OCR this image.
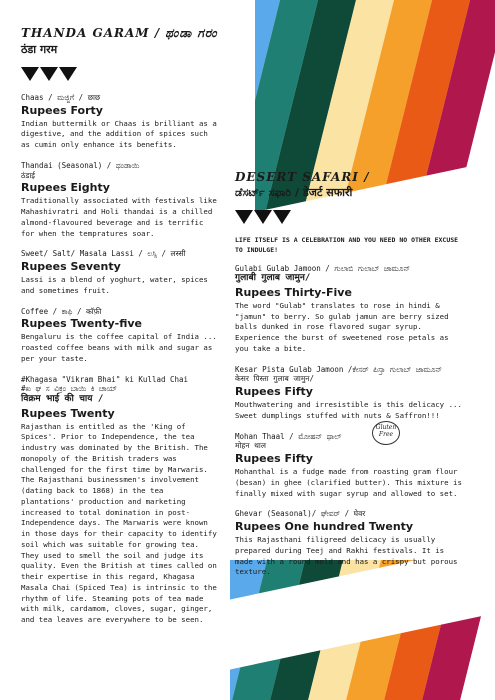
THANDA GARAM / ಥಂಡಾ ಗರಂ
ठंडा गरम

Chaas / ಮಜ್ಜಿಗೆ / छाछ

Rupees Forty

Indian buttermilk or Chaas is brilliant as a digestive, and the addition of spices such as cumin only enhance its benefits.

Thandai (Seasonal) / ಥಂಡಾಯಿ

ठंडाई

Rupees Eighty

Traditionally associated with festivals like Mahashivratri and Holi thandai is a chilled almond-flavoured beverage and is terrific for when the tempratures soar.

Sweet/ Salt/ Masala Lassi / ಲಸ್ಸಿ / लस्सी

Rupees Seventy

Lassi is a blend of yoghurt, water, spices and sometimes fruit.

Coffee / ಕಾಫಿ / कॉफ़ी

Rupees Twenty-five

Bengaluru is the coffee capital of India ... roasted coffee beans with milk and sugar as per your taste.

#Khagasa "Vikram Bhai" ki Kullad Chai

#ಖ ಘ ಸ ವಿಕ್ರಂ ಬಾಯಿ ಕಿ ಚಾಯ್

विक्रम भाई की चाय /

Rupees Twenty

Rajasthan is entitled as the 'King of Spices'. Prior to Independence, the tea industry was dominated by the British. The monopoly of the British traders was challenged for the first time by Marwaris. The Rajasthani businessmen's involvement (dating back to 1868) in the tea plantations' production and marketing increased to total domination in post-Independence days. The Marwaris were known in those days for their capacity to identify soil which was suitable for growing tea. They used to smell the soil and judge its quality. Even the British at times called on their expertise in this regard, Khagasa Masala Chai (Spiced Tea) is intrinsic to the rhythm of life. Steaming pots of tea made with milk, cardamom, cloves, sugar, ginger, and tea leaves are everywhere to be seen.

DESERT SAFARI /
ಡೆಸರ್ಟ್ ಸಫಾರಿ / डेजर्ट सफारी

LIFE ITSELF IS A CELEBRATION AND YOU NEED NO OTHER EXCUSE TO INDULGE!

Gulabi Gulab Jamoon / ಗುಲಾಬಿ ಗುಲಾಬ್ ಜಾಮೂನ್

गुलाबी गुलाब जामुन/

Rupees Thirty-Five

The word "Gulab" translates to rose in hindi & "jamun" to berry. So gulab jamun are berry sized balls dunked in rose flavored sugar syrup. Experience the burst of sweetened rose petals as you take a bite.

Kesar Pista Gulab Jamoon /ಕೇಸರ್ ಪಿಸ್ತಾ ಗುಲಾಬ್ ಜಾಮೂನ್

केसर पिस्ता गुलाब जामुन/

Rupees Fifty

Mouthwatering and irresistible is this delicacy ... Sweet dumplings stuffed with nuts & Saffron!!!

Mohan Thaal / ಮೋಹನ್ ಥಾಲ್

मोहन थाल

Rupees Fifty

Mohanthal is a fudge made from roasting gram flour (besan) in ghee (clarified butter). This mixture is finally mixed with sugar syrup and allowed to set.

Ghevar (Seasonal)/ ಘೇವರ್ / घेवर

Rupees One hundred Twenty

This Rajasthani filigreed delicacy is usually prepared during Teej and Rakhi festivals. It is made with a round mold and has a crispy but porous texture.

Gluten Free
